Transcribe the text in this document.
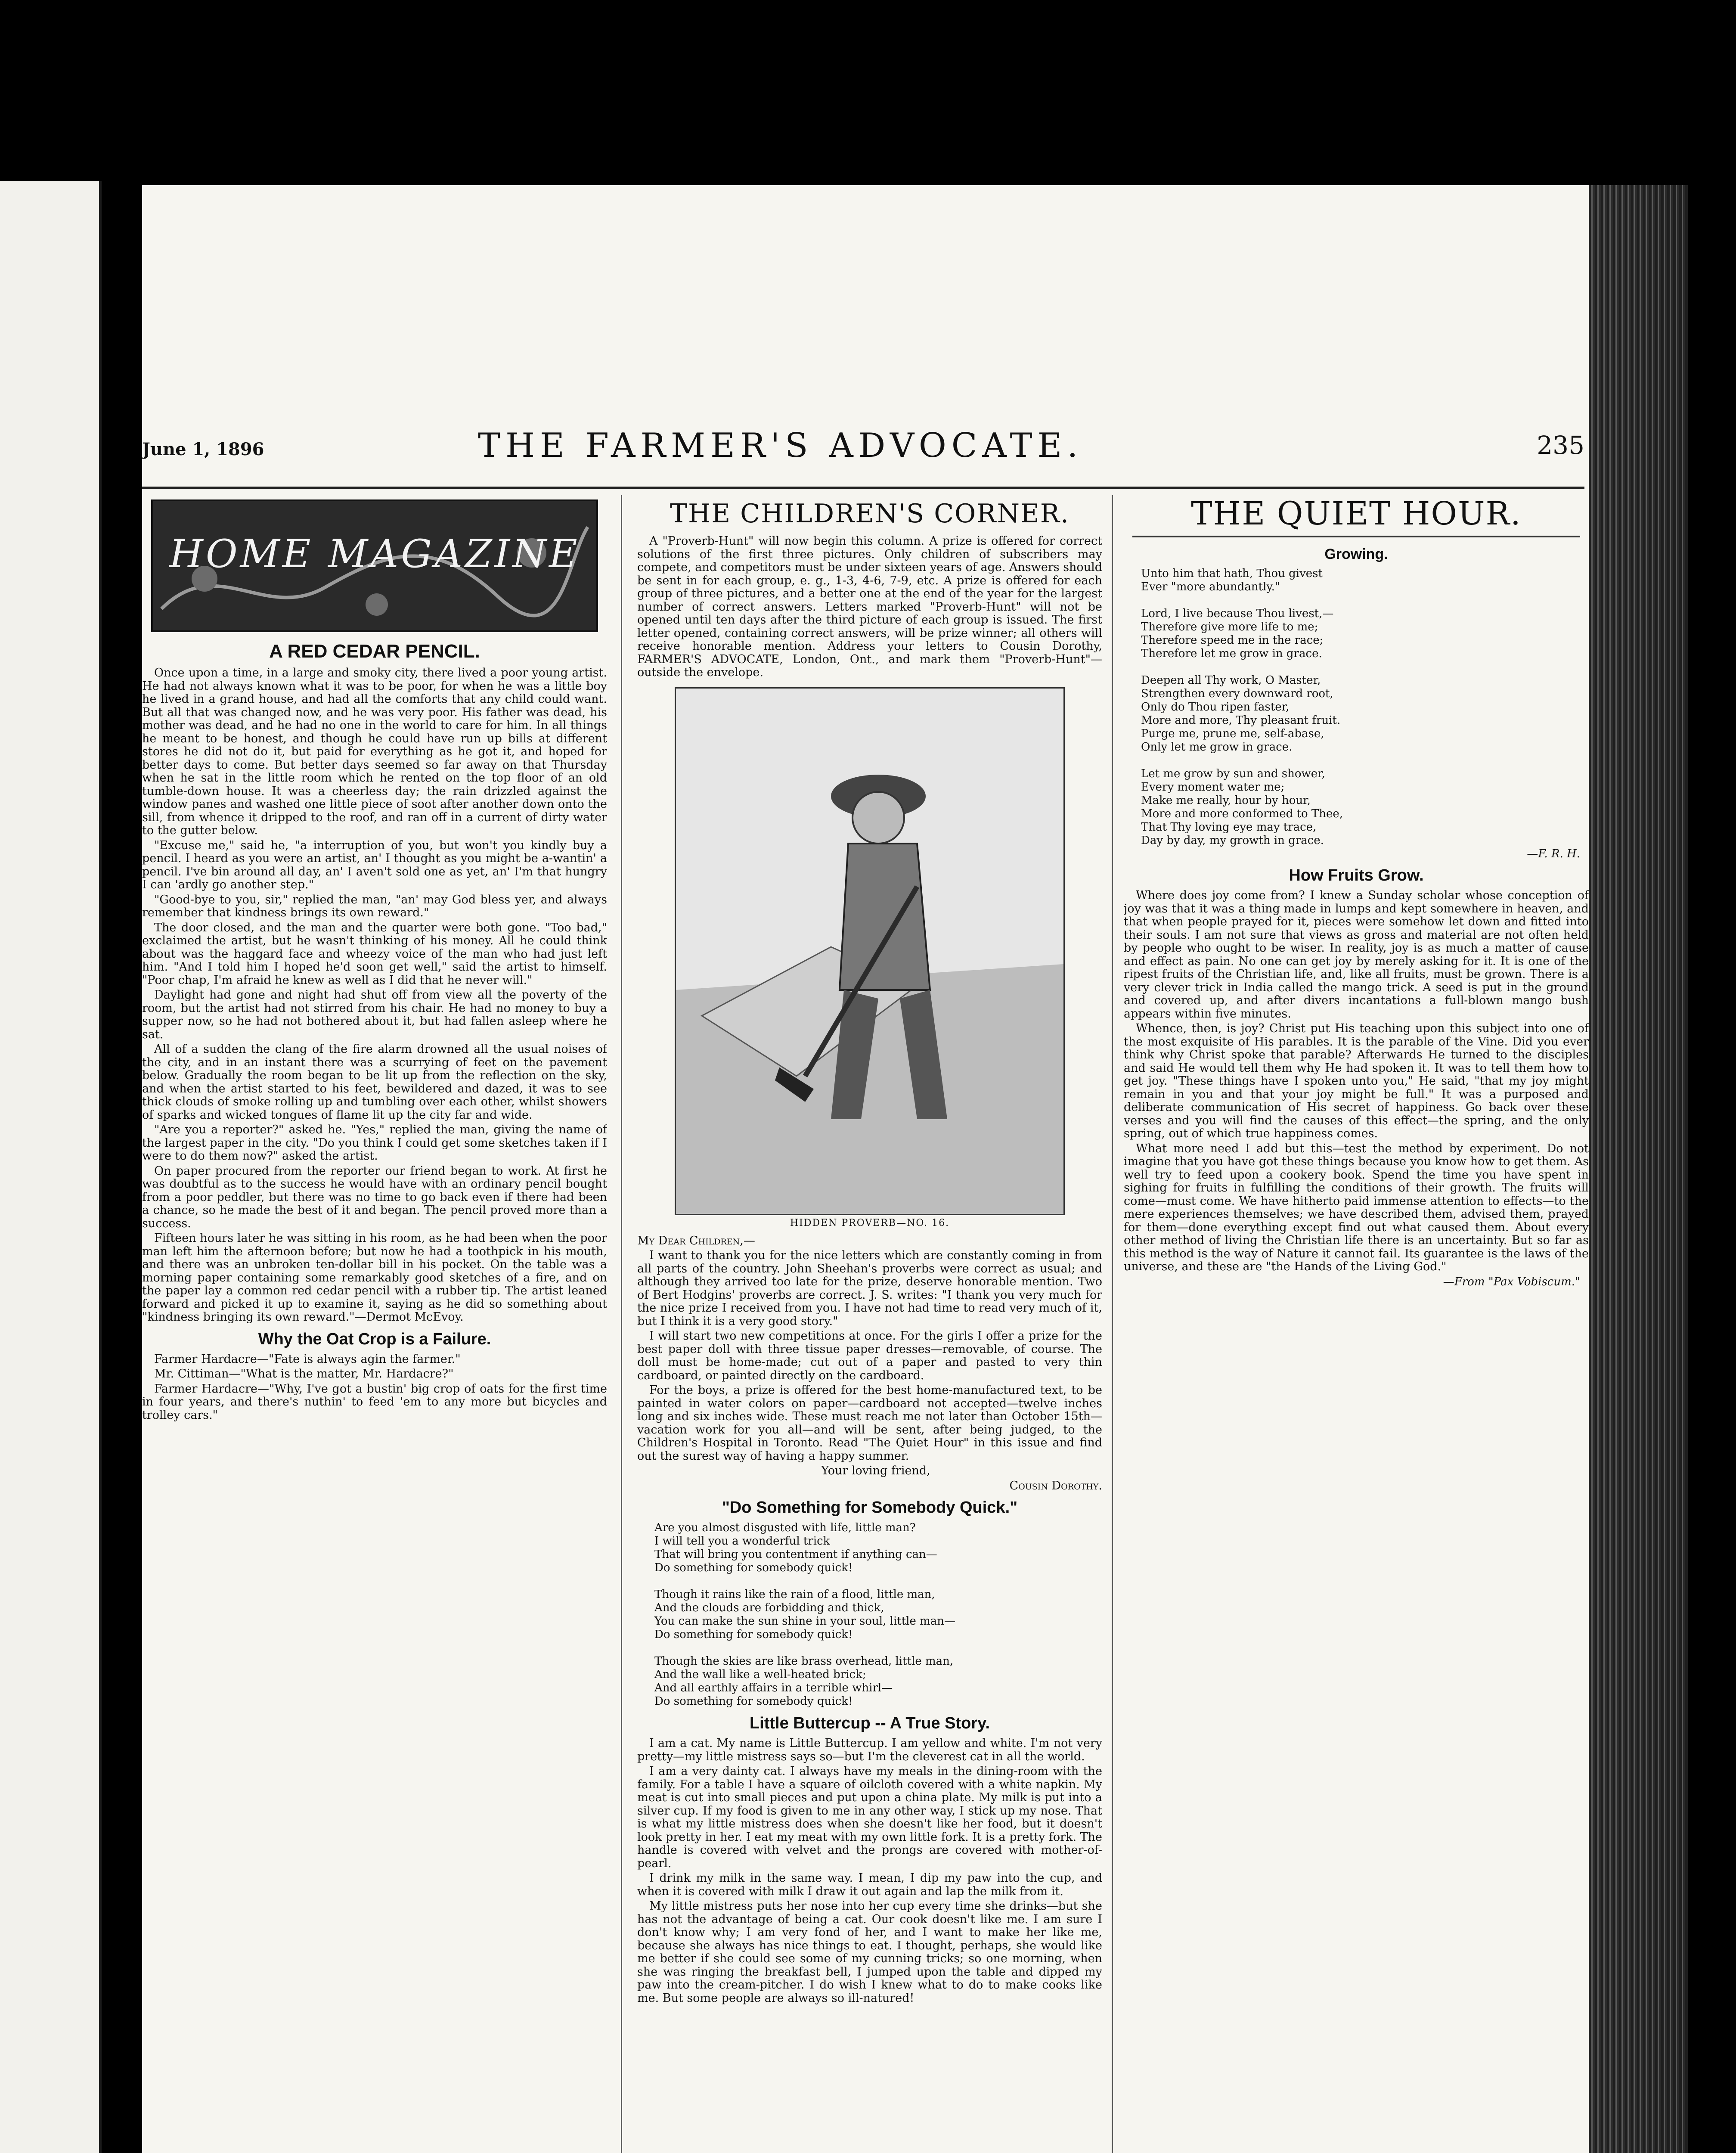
June 1, 1896	THE FARMER'S ADVOCATE.	235
HOME MAGAZINE
A RED CEDAR PENCIL.

Once upon a time, in a large and smoky city, there lived a poor young artist. He had not always known what it was to be poor, for when he was a little boy he lived in a grand house, and had all the comforts that any child could want. But all that was changed now, and he was very poor. His father was dead, his mother was dead, and he had no one in the world to care for him. In all things he meant to be honest, and though he could have run up bills at different stores he did not do it, but paid for everything as he got it, and hoped for better days to come. But better days seemed so far away on that Thursday when he sat in the little room which he rented on the top floor of an old tumble-down house. It was a cheerless day; the rain drizzled against the window panes and washed one little piece of soot after another down onto the sill, from whence it dripped to the roof, and ran off in a current of dirty water to the gutter below.

"Excuse me," said he, "a interruption of you, but won't you kindly buy a pencil. I heard as you were an artist, an' I thought as you might be a-wantin' a pencil. I've bin around all day, an' I aven't sold one as yet, an' I'm that hungry I can 'ardly go another step."

"Good-bye to you, sir," replied the man, "an' may God bless yer, and always remember that kindness brings its own reward."

The door closed, and the man and the quarter were both gone. "Too bad," exclaimed the artist, but he wasn't thinking of his money. All he could think about was the haggard face and wheezy voice of the man who had just left him. "And I told him I hoped he'd soon get well," said the artist to himself. "Poor chap, I'm afraid he knew as well as I did that he never will."

Daylight had gone and night had shut off from view all the poverty of the room, but the artist had not stirred from his chair. He had no money to buy a supper now, so he had not bothered about it, but had fallen asleep where he sat.

All of a sudden the clang of the fire alarm drowned all the usual noises of the city, and in an instant there was a scurrying of feet on the pavement below. Gradually the room began to be lit up from the reflection on the sky, and when the artist started to his feet, bewildered and dazed, it was to see thick clouds of smoke rolling up and tumbling over each other, whilst showers of sparks and wicked tongues of flame lit up the city far and wide.

"Are you a reporter?" asked he. "Yes," replied the man, giving the name of the largest paper in the city. "Do you think I could get some sketches taken if I were to do them now?" asked the artist.

On paper procured from the reporter our friend began to work. At first he was doubtful as to the success he would have with an ordinary pencil bought from a poor peddler, but there was no time to go back even if there had been a chance, so he made the best of it and began. The pencil proved more than a success.

Fifteen hours later he was sitting in his room, as he had been when the poor man left him the afternoon before; but now he had a toothpick in his mouth, and there was an unbroken ten-dollar bill in his pocket. On the table was a morning paper containing some remarkably good sketches of a fire, and on the paper lay a common red cedar pencil with a rubber tip. The artist leaned forward and picked it up to examine it, saying as he did so something about "kindness bringing its own reward."—Dermot McEvoy.

Why the Oat Crop is a Failure.

Farmer Hardacre—"Fate is always agin the farmer."

Mr. Cittiman—"What is the matter, Mr. Hardacre?"

Farmer Hardacre—"Why, I've got a bustin' big crop of oats for the first time in four years, and there's nuthin' to feed 'em to any more but bicycles and trolley cars."

THE CHILDREN'S CORNER.

A "Proverb-Hunt" will now begin this column. A prize is offered for correct solutions of the first three pictures. Only children of subscribers may compete, and competitors must be under sixteen years of age. Answers should be sent in for each group, e. g., 1-3, 4-6, 7-9, etc. A prize is offered for each group of three pictures, and a better one at the end of the year for the largest number of correct answers. Letters marked "Proverb-Hunt" will not be opened until ten days after the third picture of each group is issued. The first letter opened, containing correct answers, will be prize winner; all others will receive honorable mention. Address your letters to Cousin Dorothy, FARMER'S ADVOCATE, London, Ont., and mark them "Proverb-Hunt"—outside the envelope.

HIDDEN PROVERB—NO. 16.

My Dear Children,—

I want to thank you for the nice letters which are constantly coming in from all parts of the country. John Sheehan's proverbs were correct as usual; and although they arrived too late for the prize, deserve honorable mention. Two of Bert Hodgins' proverbs are correct. J. S. writes: "I thank you very much for the nice prize I received from you. I have not had time to read very much of it, but I think it is a very good story."

I will start two new competitions at once. For the girls I offer a prize for the best paper doll with three tissue paper dresses—removable, of course. The doll must be home-made; cut out of a paper and pasted to very thin cardboard, or painted directly on the cardboard.

For the boys, a prize is offered for the best home-manufactured text, to be painted in water colors on paper—cardboard not accepted—twelve inches long and six inches wide. These must reach me not later than October 15th—vacation work for you all—and will be sent, after being judged, to the Children's Hospital in Toronto. Read "The Quiet Hour" in this issue and find out the surest way of having a happy summer.

Your loving friend,

Cousin Dorothy.

"Do Something for Somebody Quick."
Are you almost disgusted with life, little man?
I will tell you a wonderful trick
That will bring you contentment if anything can—
Do something for somebody quick!

Though it rains like the rain of a flood, little man,
And the clouds are forbidding and thick,
You can make the sun shine in your soul, little man—
Do something for somebody quick!

Though the skies are like brass overhead, little man,
And the wall like a well-heated brick;
And all earthly affairs in a terrible whirl—
Do something for somebody quick!
Little Buttercup -- A True Story.

I am a cat. My name is Little Buttercup. I am yellow and white. I'm not very pretty—my little mistress says so—but I'm the cleverest cat in all the world.

I am a very dainty cat. I always have my meals in the dining-room with the family. For a table I have a square of oilcloth covered with a white napkin. My meat is cut into small pieces and put upon a china plate. My milk is put into a silver cup. If my food is given to me in any other way, I stick up my nose. That is what my little mistress does when she doesn't like her food, but it doesn't look pretty in her. I eat my meat with my own little fork. It is a pretty fork. The handle is covered with velvet and the prongs are covered with mother-of-pearl.

I drink my milk in the same way. I mean, I dip my paw into the cup, and when it is covered with milk I draw it out again and lap the milk from it.

My little mistress puts her nose into her cup every time she drinks—but she has not the advantage of being a cat. Our cook doesn't like me. I am sure I don't know why; I am very fond of her, and I want to make her like me, because she always has nice things to eat. I thought, perhaps, she would like me better if she could see some of my cunning tricks; so one morning, when she was ringing the breakfast bell, I jumped upon the table and dipped my paw into the cream-pitcher. I do wish I knew what to do to make cooks like me. But some people are always so ill-natured!

THE QUIET HOUR.
Growing.
Unto him that hath, Thou givest
Ever "more abundantly."

Lord, I live because Thou livest,—
Therefore give more life to me;
Therefore speed me in the race;
Therefore let me grow in grace.

Deepen all Thy work, O Master,
Strengthen every downward root,
Only do Thou ripen faster,
More and more, Thy pleasant fruit.
Purge me, prune me, self-abase,
Only let me grow in grace.

Let me grow by sun and shower,
Every moment water me;
Make me really, hour by hour,
More and more conformed to Thee,
That Thy loving eye may trace,
Day by day, my growth in grace.
—F. R. H.
How Fruits Grow.

Where does joy come from? I knew a Sunday scholar whose conception of joy was that it was a thing made in lumps and kept somewhere in heaven, and that when people prayed for it, pieces were somehow let down and fitted into their souls. I am not sure that views as gross and material are not often held by people who ought to be wiser. In reality, joy is as much a matter of cause and effect as pain. No one can get joy by merely asking for it. It is one of the ripest fruits of the Christian life, and, like all fruits, must be grown. There is a very clever trick in India called the mango trick. A seed is put in the ground and covered up, and after divers incantations a full-blown mango bush appears within five minutes.

Whence, then, is joy? Christ put His teaching upon this subject into one of the most exquisite of His parables. It is the parable of the Vine. Did you ever think why Christ spoke that parable? Afterwards He turned to the disciples and said He would tell them why He had spoken it. It was to tell them how to get joy. "These things have I spoken unto you," He said, "that my joy might remain in you and that your joy might be full." It was a purposed and deliberate communication of His secret of happiness. Go back over these verses and you will find the causes of this effect—the spring, and the only spring, out of which true happiness comes.

What more need I add but this—test the method by experiment. Do not imagine that you have got these things because you know how to get them. As well try to feed upon a cookery book. Spend the time you have spent in sighing for fruits in fulfilling the conditions of their growth. The fruits will come—must come. We have hitherto paid immense attention to effects—to the mere experiences themselves; we have described them, advised them, prayed for them—done everything except find out what caused them. About every other method of living the Christian life there is an uncertainty. But so far as this method is the way of Nature it cannot fail. Its guarantee is the laws of the universe, and these are "the Hands of the Living God."

—From "Pax Vobiscum."
